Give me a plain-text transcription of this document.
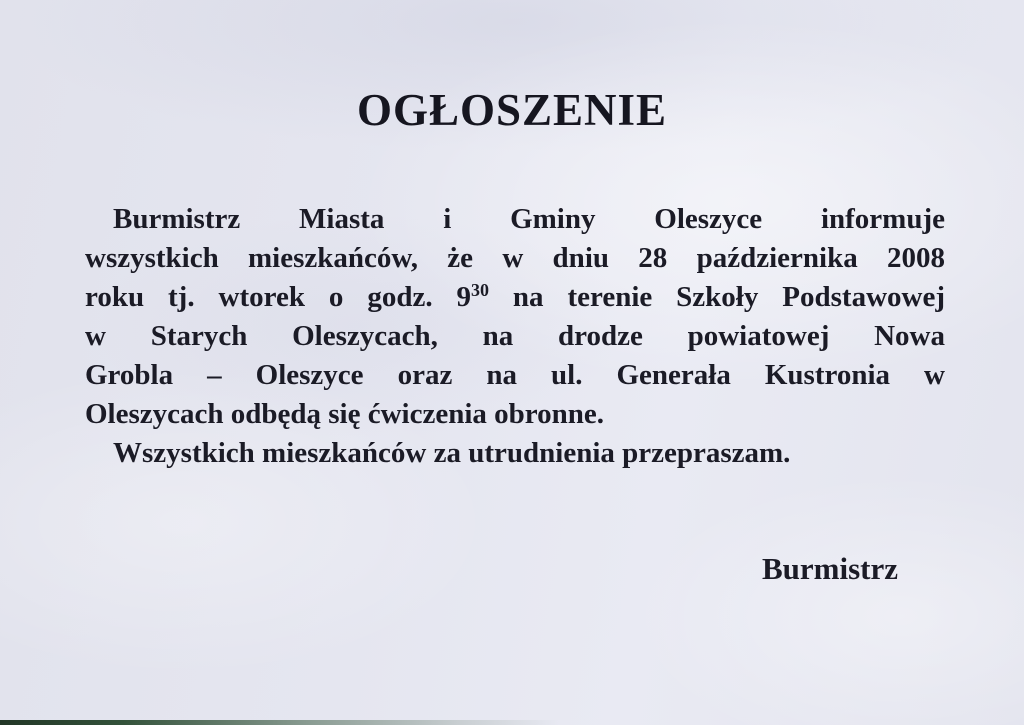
OGŁOSZENIE

Burmistrz Miasta i Gminy Oleszyce informuje

wszystkich mieszkańców, że w dniu 28 października 2008

roku tj. wtorek o godz. $9^{30}$ na terenie Szkoły Podstawowej

w Starych Oleszycach, na drodze powiatowej Nowa

Grobla – Oleszyce oraz na ul. Generała Kustronia w

Oleszycach odbędą się ćwiczenia obronne.

Wszystkich mieszkańców za utrudnienia przepraszam.

Burmistrz
